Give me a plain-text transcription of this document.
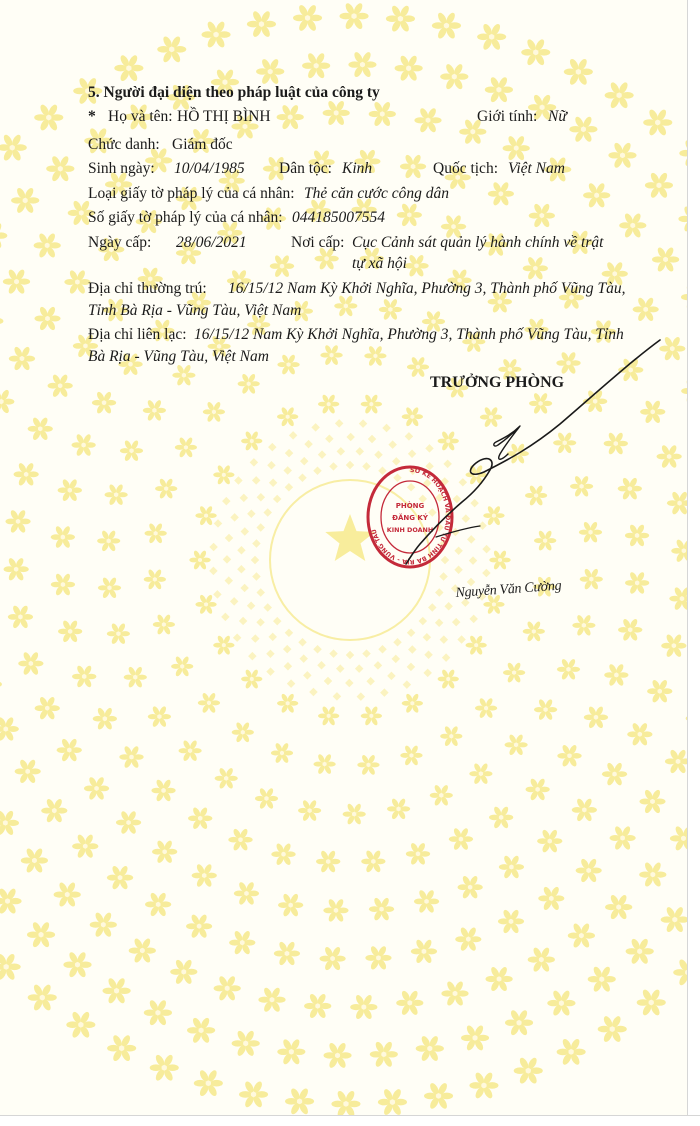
5. Người đại diện theo pháp luật của công ty
* Họ và tên: HỒ THỊ BÌNH	Giới tính: Nữ
Chức danh: Giám đốc
Sinh ngày: 10/04/1985 Dân tộc: Kinh	Quốc tịch: Việt Nam
Loại giấy tờ pháp lý của cá nhân: Thẻ căn cước công dân
Số giấy tờ pháp lý của cá nhân: 044185007554
Ngày cấp: 28/06/2021	Nơi cấp: Cục Cảnh sát quản lý hành chính về trật
tự xã hội
Địa chỉ thường trú: 16/15/12 Nam Kỳ Khởi Nghĩa, Phường 3, Thành phố Vũng Tàu,
Tỉnh Bà Rịa - Vũng Tàu, Việt Nam
Địa chỉ liên lạc: 16/15/12 Nam Kỳ Khởi Nghĩa, Phường 3, Thành phố Vũng Tàu, Tỉnh
Bà Rịa - Vũng Tàu, Việt Nam
TRƯỞNG PHÒNG
SỞ KẾ HOẠCH VÀ ĐẦU TƯ TỈNH BÀ RỊA - VŨNG TÀU
PHÒNG
ĐĂNG KÝ
KINH DOANH
Nguyễn Văn Cường
